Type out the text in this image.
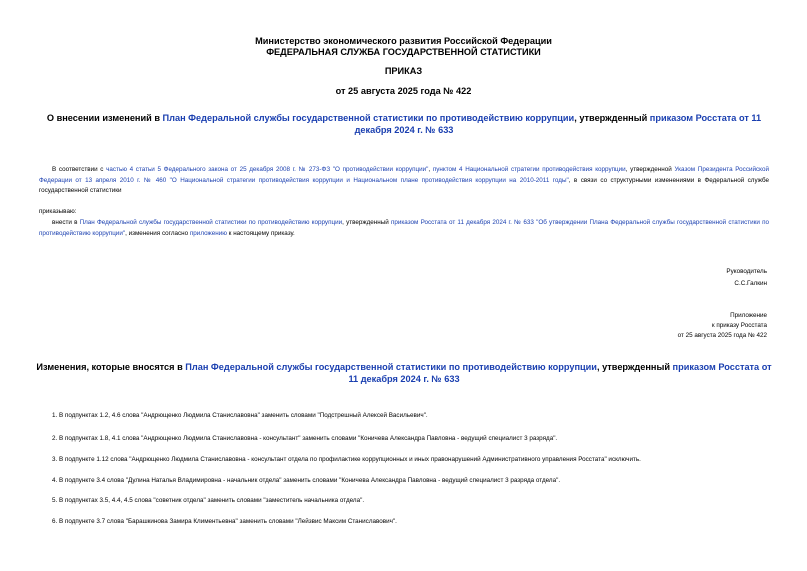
Министерство экономического развития Российской Федерации
ФЕДЕРАЛЬНАЯ СЛУЖБА ГОСУДАРСТВЕННОЙ СТАТИСТИКИ
ПРИКАЗ
от 25 августа 2025 года № 422
О внесении изменений в План Федеральной службы государственной статистики по противодействию коррупции, утвержденный приказом Росстата от 11 декабря 2024 г. № 633
В соответствии с частью 4 статьи 5 Федерального закона от 25 декабря 2008 г. № 273-ФЗ "О противодействии коррупции", пунктом 4 Национальной стратегии противодействия коррупции, утвержденной Указом Президента Российской Федерации от 13 апреля 2010 г. № 460 "О Национальной стратегии противодействия коррупции и Национальном плане противодействия коррупции на 2010-2011 годы", в связи со структурными изменениями в Федеральной службе государственной статистики
приказываю:
внести в План Федеральной службы государственной статистики по противодействию коррупции, утвержденный приказом Росстата от 11 декабря 2024 г. № 633 "Об утверждении Плана Федеральной службы государственной статистики по противодействию коррупции", изменения согласно приложению к настоящему приказу.
Руководитель
С.С.Галкин
Приложение
к приказу Росстата
от 25 августа 2025 года № 422
Изменения, которые вносятся в План Федеральной службы государственной статистики по противодействию коррупции, утвержденный приказом Росстата от 11 декабря 2024 г. № 633
1. В подпунктах 1.2, 4.6 слова "Андрющенко Людмила Станиславовна" заменить словами "Подстрешный Алексей Васильевич".
2. В подпунктах 1.8, 4.1 слова "Андрющенко Людмила Станиславовна - консультант" заменить словами "Коничева Александра Павловна - ведущий специалист 3 разряда".
3. В подпункте 1.12 слова "Андрющенко Людмила Станиславовна - консультант отдела по профилактике коррупционных и иных правонарушений Административного управления Росстата" исключить.
4. В подпункте 3.4 слова "Дулина Наталья Владимировна - начальник отдела" заменить словами "Коничева Александра Павловна - ведущий специалист 3 разряда отдела".
5. В подпунктах 3.5, 4.4, 4.5 слова "советник отдела" заменить словами "заместитель начальника отдела".
6. В подпункте 3.7 слова "Барашкинова Замира Климентьевна" заменить словами "Лейзвис Максим Станиславович".
